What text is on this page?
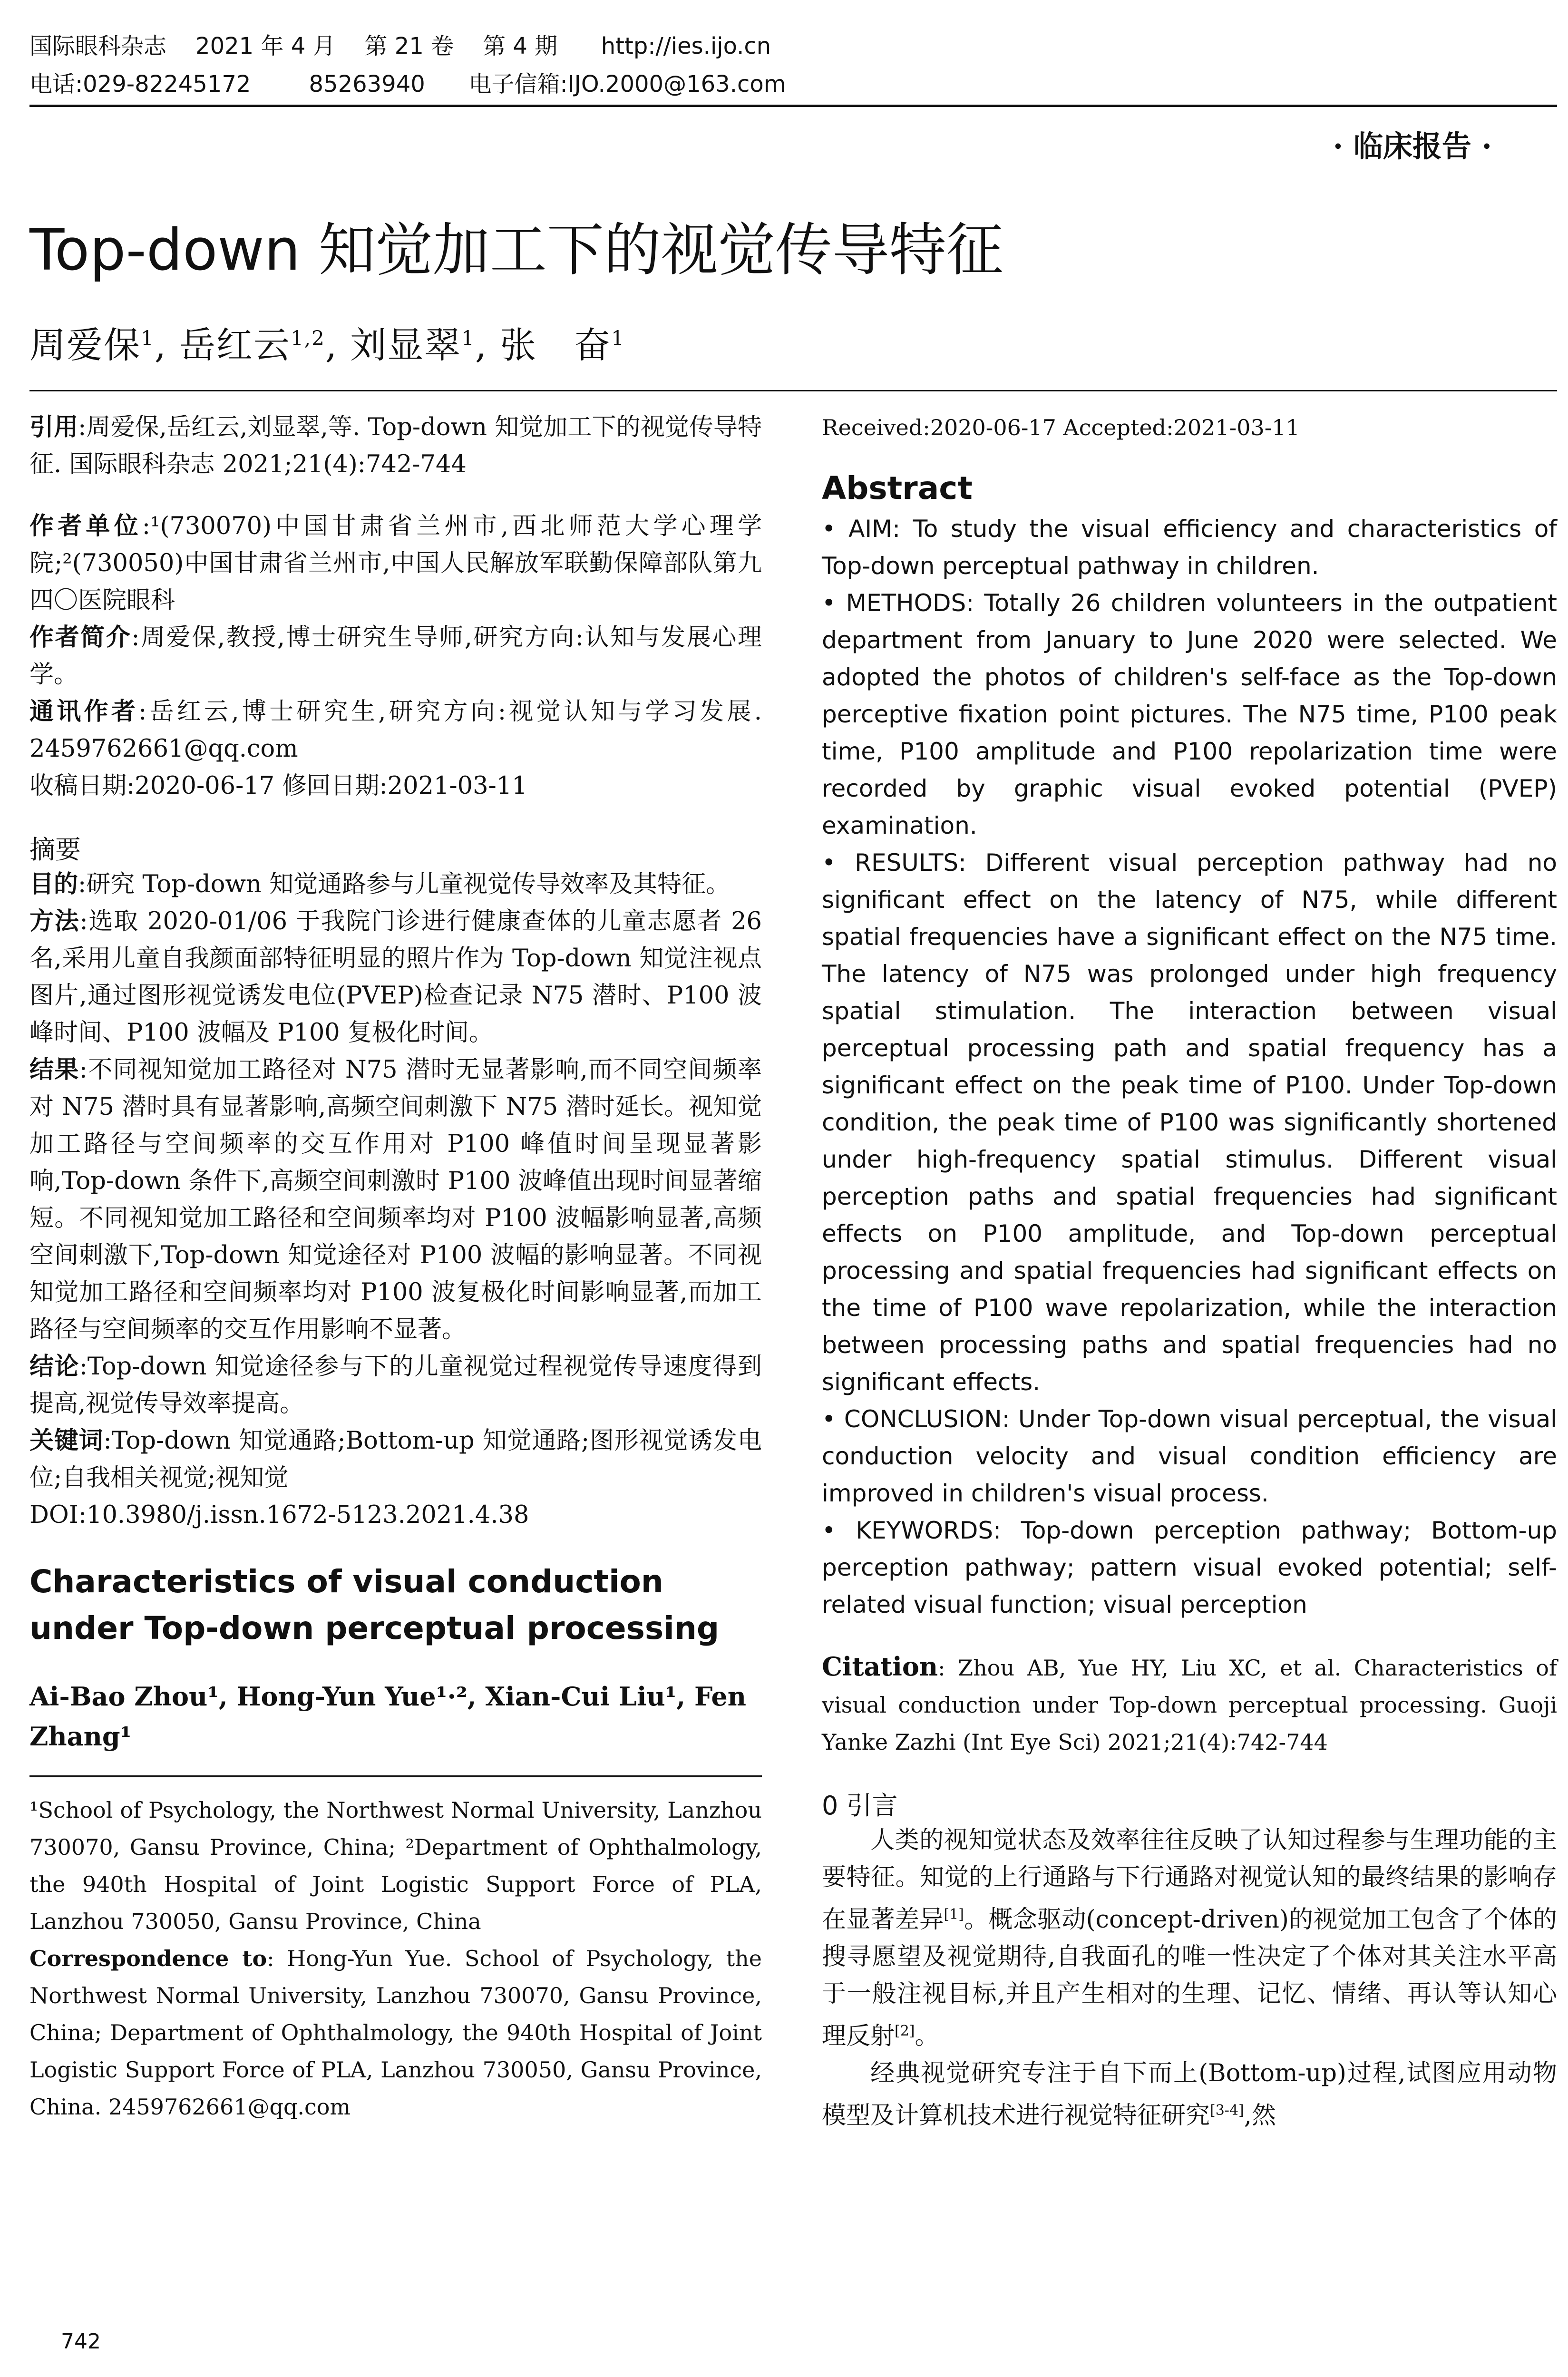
国际眼科杂志    2021 年 4 月    第 21 卷    第 4 期      http://ies.ijo.cn
电话:029-82245172        85263940      电子信箱:IJO.2000@163.com
· 临床报告 ·
Top-down 知觉加工下的视觉传导特征
周爱保$^1$, 岳红云$^{1,2}$, 刘显翠$^1$, 张　奋$^1$

引用:周爱保,岳红云,刘显翠,等. Top-down 知觉加工下的视觉传导特征. 国际眼科杂志 2021;21(4):742-744

作者单位:¹(730070)中国甘肃省兰州市,西北师范大学心理学院;²(730050)中国甘肃省兰州市,中国人民解放军联勤保障部队第九四〇医院眼科

作者简介:周爱保,教授,博士研究生导师,研究方向:认知与发展心理学。

通讯作者:岳红云,博士研究生,研究方向:视觉认知与学习发展. 2459762661@qq.com

收稿日期:2020-06-17 修回日期:2021-03-11

摘要

目的:研究 Top-down 知觉通路参与儿童视觉传导效率及其特征。

方法:选取 2020-01/06 于我院门诊进行健康查体的儿童志愿者 26 名,采用儿童自我颜面部特征明显的照片作为 Top-down 知觉注视点图片,通过图形视觉诱发电位(PVEP)检查记录 N75 潜时、P100 波峰时间、P100 波幅及 P100 复极化时间。

结果:不同视知觉加工路径对 N75 潜时无显著影响,而不同空间频率对 N75 潜时具有显著影响,高频空间刺激下 N75 潜时延长。视知觉加工路径与空间频率的交互作用对 P100 峰值时间呈现显著影响,Top-down 条件下,高频空间刺激时 P100 波峰值出现时间显著缩短。不同视知觉加工路径和空间频率均对 P100 波幅影响显著,高频空间刺激下,Top-down 知觉途径对 P100 波幅的影响显著。不同视知觉加工路径和空间频率均对 P100 波复极化时间影响显著,而加工路径与空间频率的交互作用影响不显著。

结论:Top-down 知觉途径参与下的儿童视觉过程视觉传导速度得到提高,视觉传导效率提高。

关键词:Top-down 知觉通路;Bottom-up 知觉通路;图形视觉诱发电位;自我相关视觉;视知觉

DOI:10.3980/j.issn.1672-5123.2021.4.38

Characteristics of visual conduction under Top-down perceptual processing

Ai-Bao Zhou¹, Hong-Yun Yue¹·², Xian-Cui Liu¹, Fen Zhang¹

¹School of Psychology, the Northwest Normal University, Lanzhou 730070, Gansu Province, China; ²Department of Ophthalmology, the 940th Hospital of Joint Logistic Support Force of PLA, Lanzhou 730050, Gansu Province, China

Correspondence to: Hong-Yun Yue. School of Psychology, the Northwest Normal University, Lanzhou 730070, Gansu Province, China; Department of Ophthalmology, the 940th Hospital of Joint Logistic Support Force of PLA, Lanzhou 730050, Gansu Province, China. 2459762661@qq.com

Received:2020-06-17 Accepted:2021-03-11

Abstract

• AIM: To study the visual efficiency and characteristics of Top-down perceptual pathway in children.

• METHODS: Totally 26 children volunteers in the outpatient department from January to June 2020 were selected. We adopted the photos of children's self-face as the Top-down perceptive fixation point pictures. The N75 time, P100 peak time, P100 amplitude and P100 repolarization time were recorded by graphic visual evoked potential (PVEP) examination.

• RESULTS: Different visual perception pathway had no significant effect on the latency of N75, while different spatial frequencies have a significant effect on the N75 time. The latency of N75 was prolonged under high frequency spatial stimulation. The interaction between visual perceptual processing path and spatial frequency has a significant effect on the peak time of P100. Under Top-down condition, the peak time of P100 was significantly shortened under high-frequency spatial stimulus. Different visual perception paths and spatial frequencies had significant effects on P100 amplitude, and Top-down perceptual processing and spatial frequencies had significant effects on the time of P100 wave repolarization, while the interaction between processing paths and spatial frequencies had no significant effects.

• CONCLUSION: Under Top-down visual perceptual, the visual conduction velocity and visual condition efficiency are improved in children's visual process.

• KEYWORDS: Top-down perception pathway; Bottom-up perception pathway; pattern visual evoked potential; self-related visual function; visual perception

Citation: Zhou AB, Yue HY, Liu XC, et al. Characteristics of visual conduction under Top-down perceptual processing. Guoji Yanke Zazhi (Int Eye Sci) 2021;21(4):742-744

0 引言

人类的视知觉状态及效率往往反映了认知过程参与生理功能的主要特征。知觉的上行通路与下行通路对视觉认知的最终结果的影响存在显著差异[1]。概念驱动(concept-driven)的视觉加工包含了个体的搜寻愿望及视觉期待,自我面孔的唯一性决定了个体对其关注水平高于一般注视目标,并且产生相对的生理、记忆、情绪、再认等认知心理反射[2]。

经典视觉研究专注于自下而上(Bottom-up)过程,试图应用动物模型及计算机技术进行视觉特征研究[3-4],然

742
